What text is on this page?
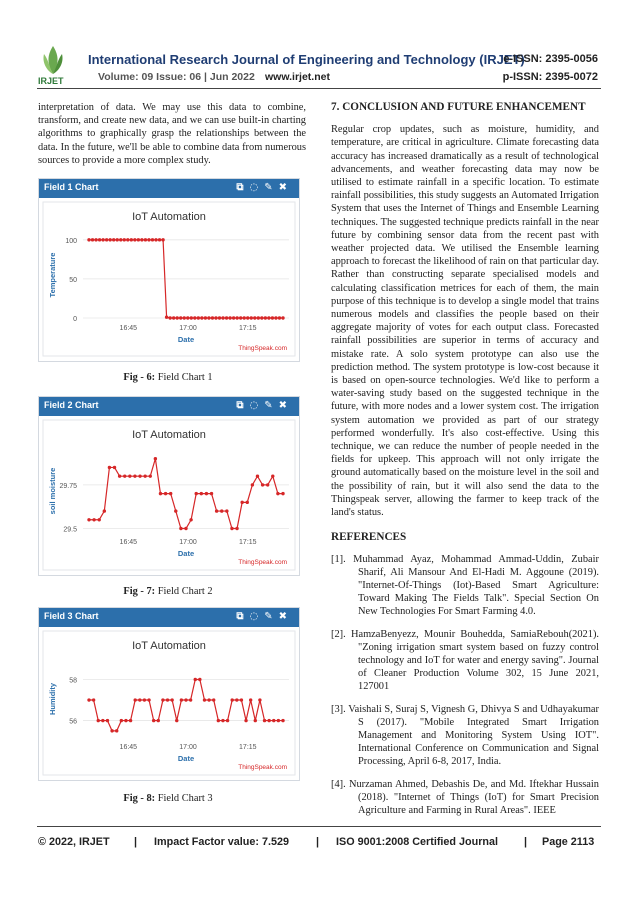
IRJET
International Research Journal of Engineering and Technology (IRJET)
e-ISSN: 2395-0056
Volume: 09 Issue: 06 | Jun 2022 www.irjet.net	p-ISSN: 2395-0072

interpretation of data. We may use this data to combine, transform, and create new data, and we can use built-in charting algorithms to graphically grasp the relationships between the data. In the future, we'll be able to combine data from numerous sources to provide a more complex study.

Field 1 Chart	⧉◌✎✖
IoT Automation
0
50
100
16:45	17:00	17:15
Date
Temperature
ThingSpeak.com
Fig - 6: Field Chart 1
Field 2 Chart	⧉◌✎✖
IoT Automation
29.5
29.75
16:45	17:00	17:15
Date
soil moisture
ThingSpeak.com
Fig - 7: Field Chart 2
Field 3 Chart	⧉◌✎✖
IoT Automation
56
58
16:45	17:00	17:15
Date
Humidity
ThingSpeak.com
Fig - 8: Field Chart 3

7. CONCLUSION AND FUTURE ENHANCEMENT

Regular crop updates, such as moisture, humidity, and temperature, are critical in agriculture. Climate forecasting data accuracy has increased dramatically as a result of technological advancements, and weather forecasting data may now be utilised to estimate rainfall in a specific location. To estimate rainfall possibilities, this study suggests an Automated Irrigation System that uses the Internet of Things and Ensemble Learning techniques. The suggested technique predicts rainfall in the near future by combining sensor data from the recent past with weather projected data. We utilised the Ensemble learning approach to forecast the likelihood of rain on that particular day. Rather than constructing separate specialised models and calculating classification metrices for each of them, the main purpose of this technique is to develop a single model that trains numerous models and classifies the people based on their aggregate majority of votes for each output class. Forecasted rainfall possibilities are superior in terms of accuracy and mistake rate. A solo system prototype can also use the prediction method. The system prototype is low-cost because it is based on open-source technologies. We'd like to perform a water-saving study based on the suggested technique in the future, with more nodes and a lower system cost. The irrigation system automation we provided as part of our strategy performed wonderfully. It's also cost-effective. Using this technique, we can reduce the number of people needed in the fields for upkeep. This approach will not only irrigate the ground automatically based on the moisture level in the soil and the possibility of rain, but it will also send the data to the Thingspeak server, allowing the farmer to keep track of the land's status.

REFERENCES

[1]. Muhammad Ayaz, Mohammad Ammad-Uddin, Zubair Sharif, Ali Mansour And El-Hadi M. Aggoune (2019). "Internet-Of-Things (Iot)-Based Smart Agriculture: Toward Making The Fields Talk". Special Section On New Technologies For Smart Farming 4.0.

[2]. HamzaBenyezz, Mounir Bouhedda, SamiaRebouh(2021). "Zoning irrigation smart system based on fuzzy control technology and IoT for water and energy saving". Journal of Cleaner Production Volume 302, 15 June 2021, 127001

[3]. Vaishali S, Suraj S, Vignesh G, Dhivya S and Udhayakumar S (2017). "Mobile Integrated Smart Irrigation Management and Monitoring System Using IOT". International Conference on Communication and Signal Processing, April 6-8, 2017, India.

[4]. Nurzaman Ahmed, Debashis De, and Md. Iftekhar Hussain (2018). "Internet of Things (IoT) for Smart Precision Agriculture and Farming in Rural Areas". IEEE

© 2022, IRJET | Impact Factor value: 7.529 | ISO 9001:2008 Certified Journal | Page 2113
